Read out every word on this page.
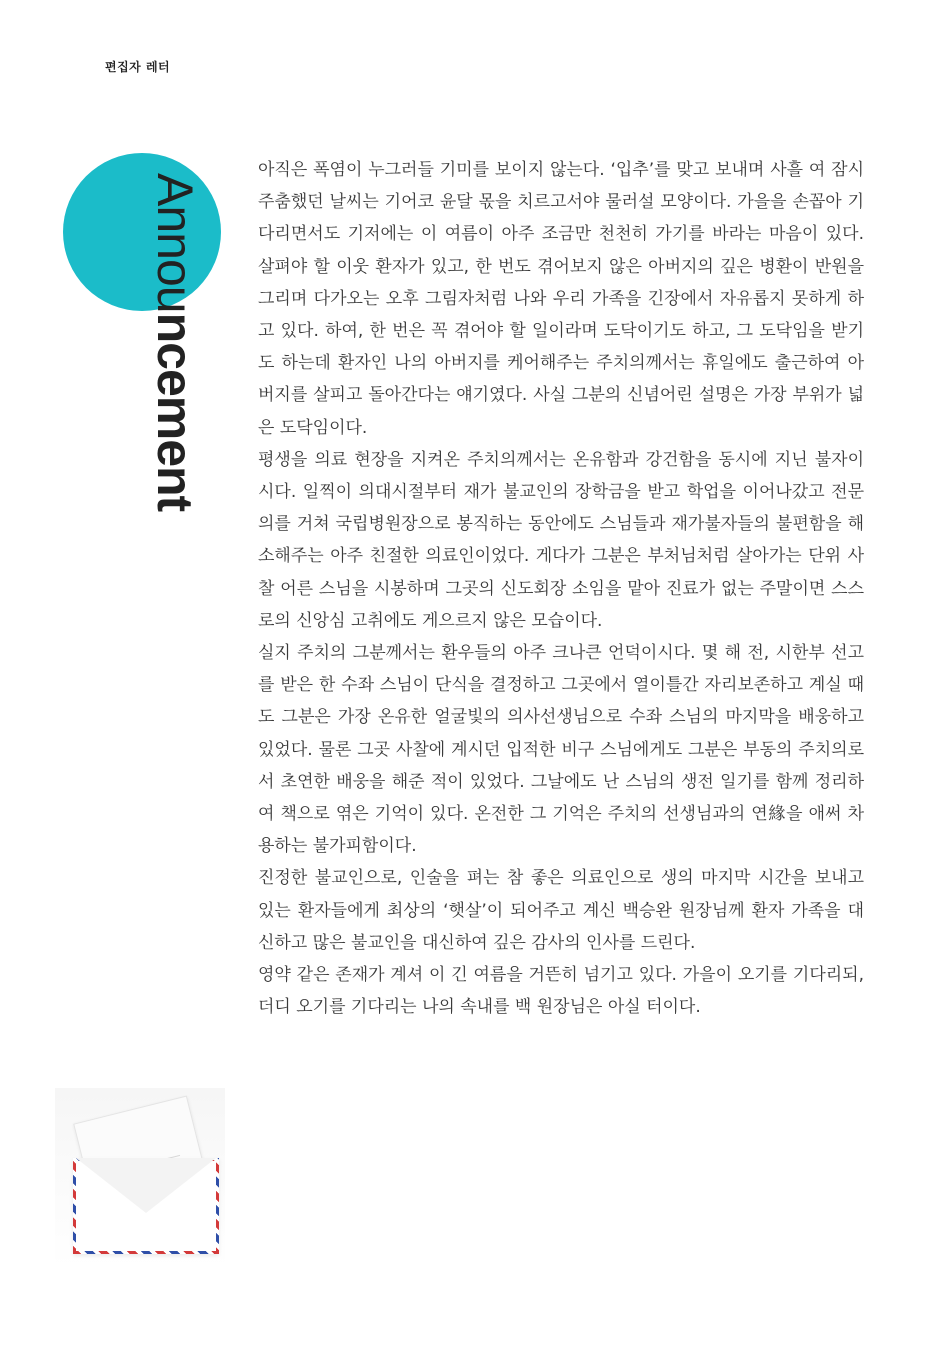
편집자 레터
Announcement

아직은 폭염이 누그러들 기미를 보이지 않는다. ‘입추’를 맞고 보내며 사흘 여 잠시 주춤했던 날씨는 기어코 윤달 몫을 치르고서야 물러설 모양이다. 가을을 손꼽아 기다리면서도 기저에는 이 여름이 아주 조금만 천천히 가기를 바라는 마음이 있다. 살펴야 할 이웃 환자가 있고, 한 번도 겪어보지 않은 아버지의 깊은 병환이 반원을 그리며 다가오는 오후 그림자처럼 나와 우리 가족을 긴장에서 자유롭지 못하게 하고 있다. 하여, 한 번은 꼭 겪어야 할 일이라며 도닥이기도 하고, 그 도닥임을 받기도 하는데 환자인 나의 아버지를 케어해주는 주치의께서는 휴일에도 출근하여 아버지를 살피고 돌아간다는 얘기였다. 사실 그분의 신념어린 설명은 가장 부위가 넓은 도닥임이다.

평생을 의료 현장을 지켜온 주치의께서는 온유함과 강건함을 동시에 지닌 불자이시다. 일찍이 의대시절부터 재가 불교인의 장학금을 받고 학업을 이어나갔고 전문의를 거쳐 국립병원장으로 봉직하는 동안에도 스님들과 재가불자들의 불편함을 해소해주는 아주 친절한 의료인이었다. 게다가 그분은 부처님처럼 살아가는 단위 사찰 어른 스님을 시봉하며 그곳의 신도회장 소임을 맡아 진료가 없는 주말이면 스스로의 신앙심 고취에도 게으르지 않은 모습이다.

실지 주치의 그분께서는 환우들의 아주 크나큰 언덕이시다. 몇 해 전, 시한부 선고를 받은 한 수좌 스님이 단식을 결정하고 그곳에서 열이틀간 자리보존하고 계실 때도 그분은 가장 온유한 얼굴빛의 의사선생님으로 수좌 스님의 마지막을 배웅하고 있었다. 물론 그곳 사찰에 계시던 입적한 비구 스님에게도 그분은 부동의 주치의로서 초연한 배웅을 해준 적이 있었다. 그날에도 난 스님의 생전 일기를 함께 정리하여 책으로 엮은 기억이 있다. 온전한 그 기억은 주치의 선생님과의 연緣을 애써 차용하는 불가피함이다.

진정한 불교인으로, 인술을 펴는 참 좋은 의료인으로 생의 마지막 시간을 보내고 있는 환자들에게 최상의 ‘햇살’이 되어주고 계신 백승완 원장님께 환자 가족을 대신하고 많은 불교인을 대신하여 깊은 감사의 인사를 드린다.

영약 같은 존재가 계셔 이 긴 여름을 거뜬히 넘기고 있다. 가을이 오기를 기다리되, 더디 오기를 기다리는 나의 속내를 백 원장님은 아실 터이다.
